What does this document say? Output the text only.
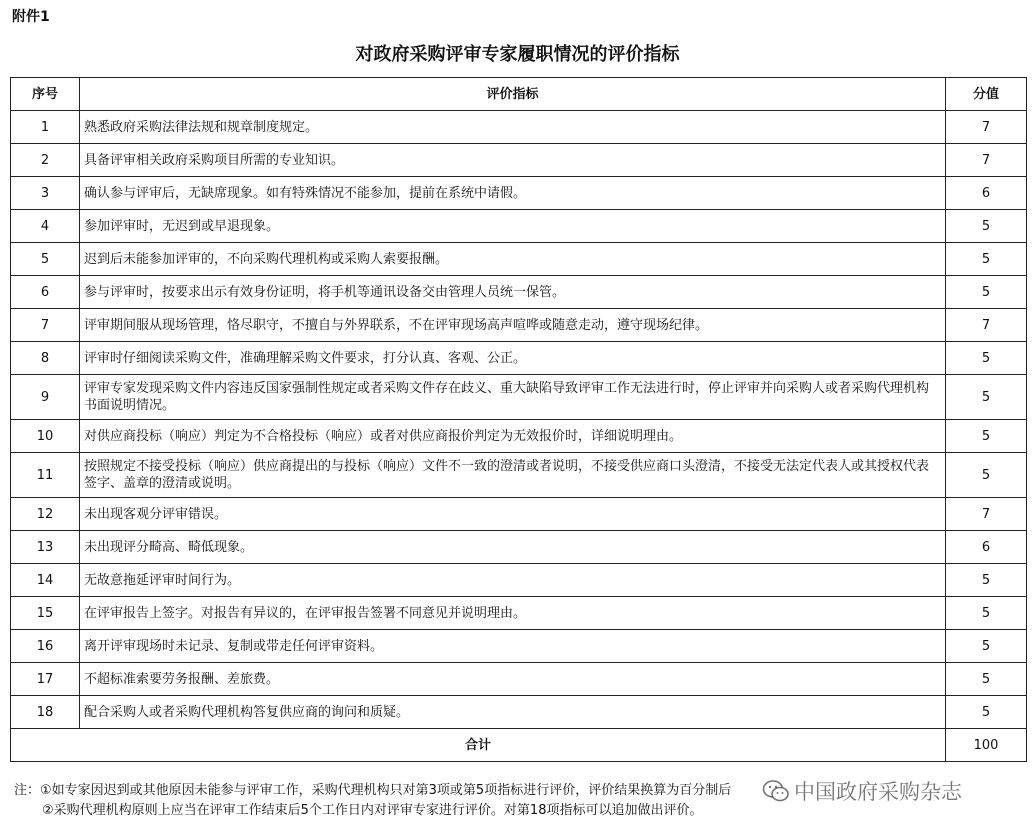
附件1
对政府采购评审专家履职情况的评价指标
序号	评价指标	分值
1	熟悉政府采购法律法规和规章制度规定。	7
2	具备评审相关政府采购项目所需的专业知识。	7
3	确认参与评审后，无缺席现象。如有特殊情况不能参加，提前在系统中请假。	6
4	参加评审时，无迟到或早退现象。	5
5	迟到后未能参加评审的，不向采购代理机构或采购人索要报酬。	5
6	参与评审时，按要求出示有效身份证明，将手机等通讯设备交由管理人员统一保管。	5
7	评审期间服从现场管理，恪尽职守，不擅自与外界联系，不在评审现场高声喧哗或随意走动，遵守现场纪律。	7
8	评审时仔细阅读采购文件，准确理解采购文件要求，打分认真、客观、公正。	5
9	评审专家发现采购文件内容违反国家强制性规定或者采购文件存在歧义、重大缺陷导致评审工作无法进行时，停止评审并向采购人或者采购代理机构书面说明情况。	5
10	对供应商投标（响应）判定为不合格投标（响应）或者对供应商报价判定为无效报价时，详细说明理由。	5
11	按照规定不接受投标（响应）供应商提出的与投标（响应）文件不一致的澄清或者说明，不接受供应商口头澄清，不接受无法定代表人或其授权代表签字、盖章的澄清或说明。	5
12	未出现客观分评审错误。	7
13	未出现评分畸高、畸低现象。	6
14	无故意拖延评审时间行为。	5
15	在评审报告上签字。对报告有异议的，在评审报告签署不同意见并说明理由。	5
16	离开评审现场时未记录、复制或带走任何评审资料。	5
17	不超标准索要劳务报酬、差旅费。	5
18	配合采购人或者采购代理机构答复供应商的询问和质疑。	5
合计		100
注：①如专家因迟到或其他原因未能参与评审工作，采购代理机构只对第3项或第5项指标进行评价，评价结果换算为百分制后
②采购代理机构原则上应当在评审工作结束后5个工作日内对评审专家进行评价。对第18项指标可以追加做出评价。
中国政府采购杂志
